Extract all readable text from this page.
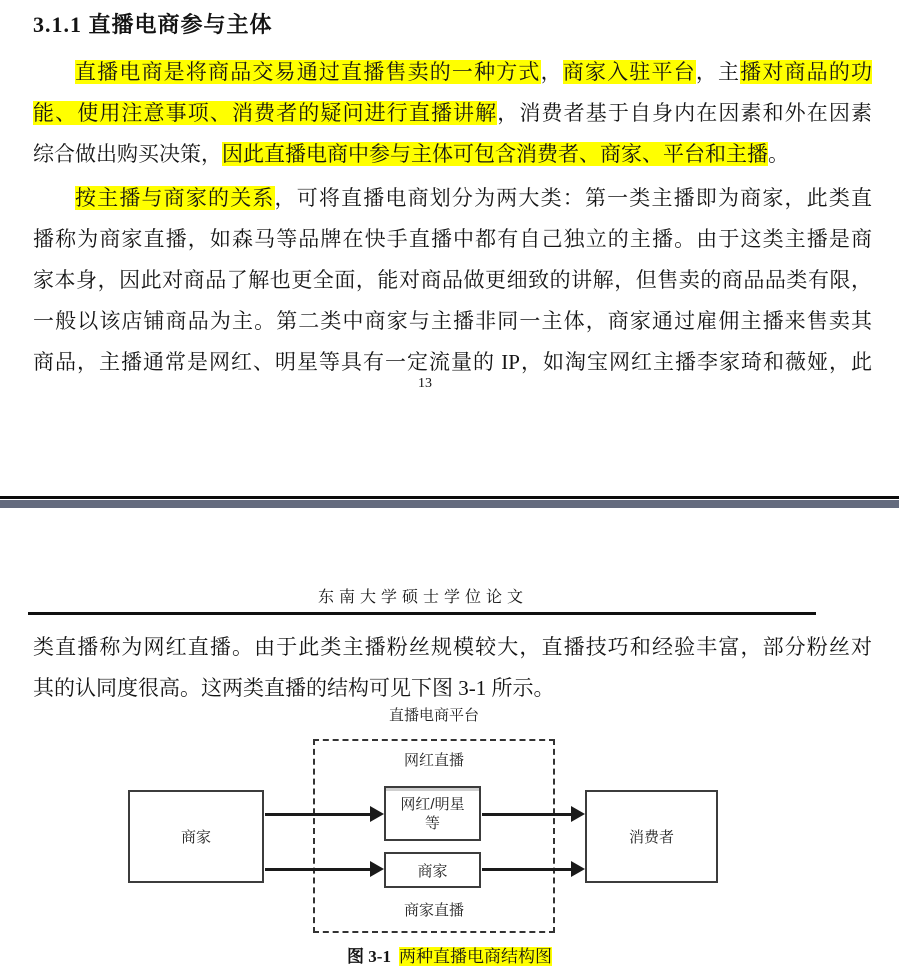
3.1.1 直播电商参与主体
直播电商是将商品交易通过直播售卖的一种方式，商家入驻平台，主播对商品的功
能、使用注意事项、消费者的疑问进行直播讲解，消费者基于自身内在因素和外在因素
综合做出购买决策，因此直播电商中参与主体可包含消费者、商家、平台和主播。
按主播与商家的关系，可将直播电商划分为两大类：第一类主播即为商家，此类直
播称为商家直播，如森马等品牌在快手直播中都有自己独立的主播。由于这类主播是商
家本身，因此对商品了解也更全面，能对商品做更细致的讲解，但售卖的商品品类有限，
一般以该店铺商品为主。第二类中商家与主播非同一主体，商家通过雇佣主播来售卖其
商品，主播通常是网红、明星等具有一定流量的 IP，如淘宝网红主播李家琦和薇娅，此
13
东南大学硕士学位论文
类直播称为网红直播。由于此类主播粉丝规模较大，直播技巧和经验丰富，部分粉丝对
其的认同度很高。这两类直播的结构可见下图 3-1 所示。
直播电商平台
网红直播
商家
网红/明星
等
商家
消费者
商家直播
图 3-1 两种直播电商结构图
